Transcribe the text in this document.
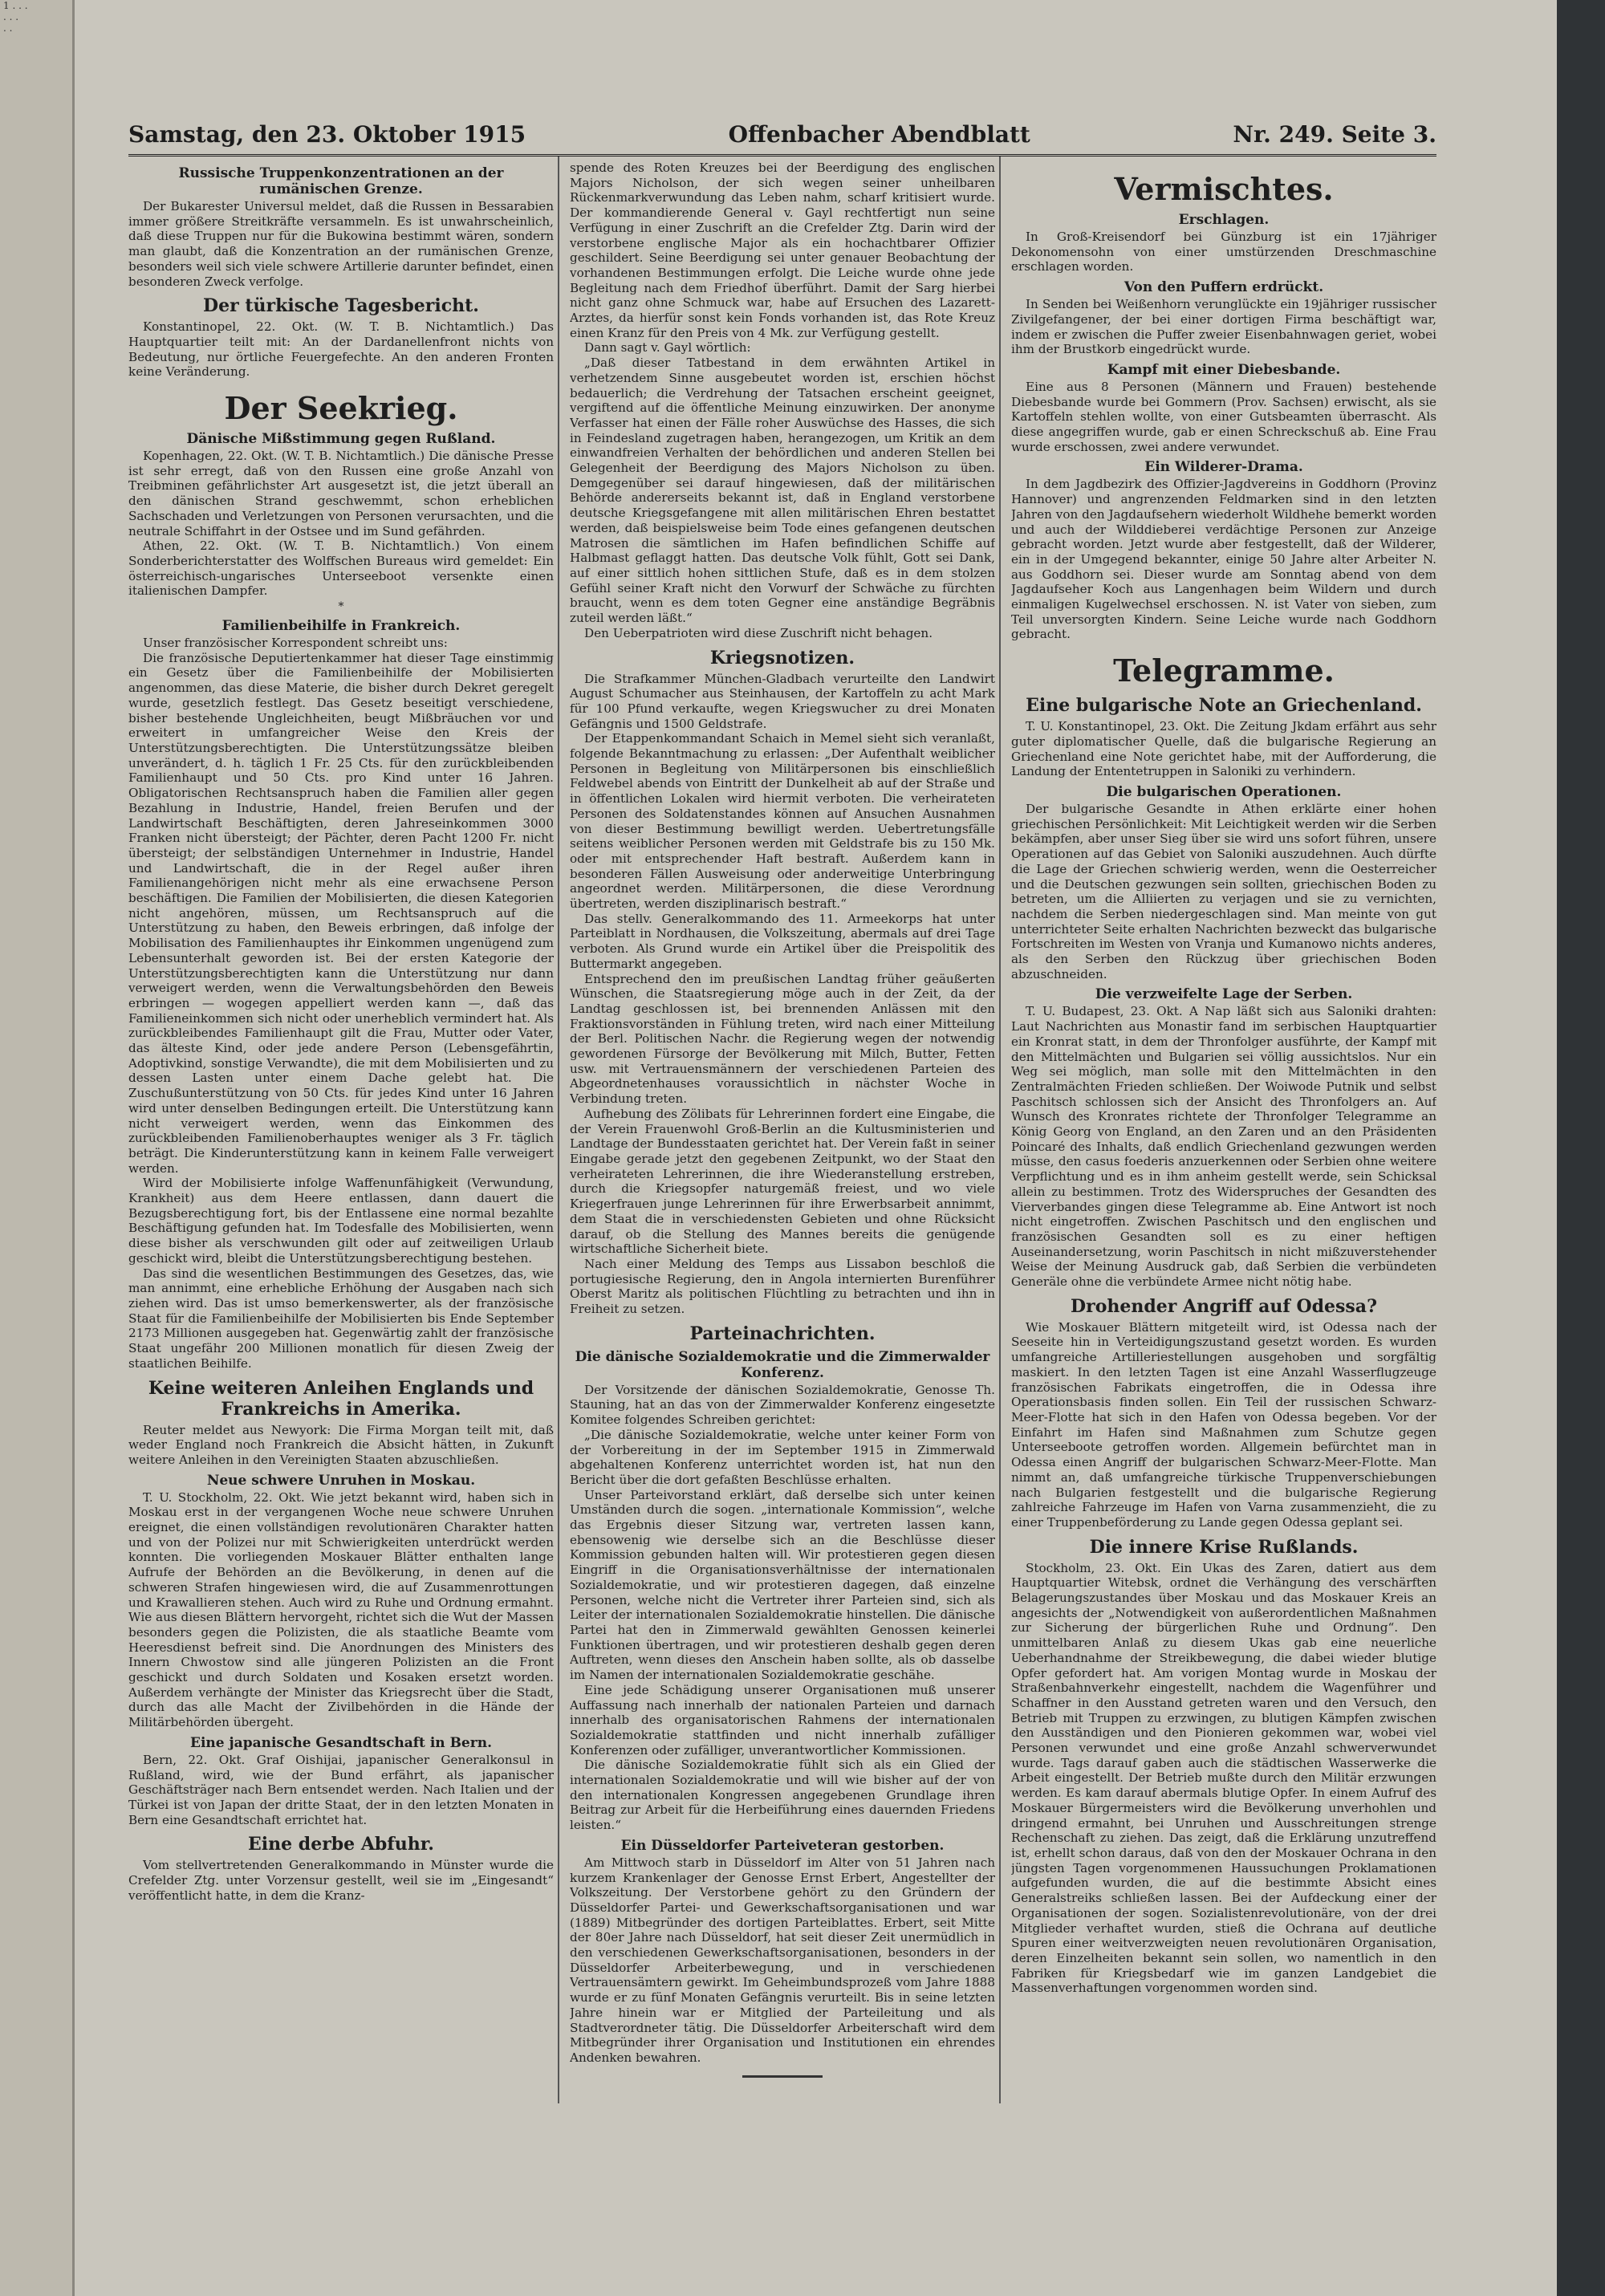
1 . . .
. . .
. .
Samstag, den 23. Oktober 1915	Offenbacher Abendblatt	Nr. 249. Seite 3.
Russische Truppenkonzentrationen an der rumänischen Grenze.

Der Bukarester Universul meldet, daß die Russen in Bessarabien immer größere Streitkräfte versammeln. Es ist unwahrscheinlich, daß diese Truppen nur für die Bukowina bestimmt wären, sondern man glaubt, daß die Konzentration an der rumänischen Grenze, besonders weil sich viele schwere Artillerie darunter befindet, einen besonderen Zweck verfolge.

Der türkische Tagesbericht.

Konstantinopel, 22. Okt. (W. T. B. Nichtamtlich.) Das Hauptquartier teilt mit: An der Dardanellenfront nichts von Bedeutung, nur örtliche Feuergefechte. An den anderen Fronten keine Veränderung.

Der Seekrieg.
Dänische Mißstimmung gegen Rußland.

Kopenhagen, 22. Okt. (W. T. B. Nichtamtlich.) Die dänische Presse ist sehr erregt, daß von den Russen eine große Anzahl von Treibminen gefährlichster Art ausgesetzt ist, die jetzt überall an den dänischen Strand geschwemmt, schon erheblichen Sachschaden und Verletzungen von Personen verursachten, und die neutrale Schiffahrt in der Ostsee und im Sund gefährden.

Athen, 22. Okt. (W. T. B. Nichtamtlich.) Von einem Sonderberichterstatter des Wolffschen Bureaus wird gemeldet: Ein österreichisch-ungarisches Unterseeboot versenkte einen italienischen Dampfer.

*
Familienbeihilfe in Frankreich.

Unser französischer Korrespondent schreibt uns:

Die französische Deputiertenkammer hat dieser Tage einstimmig ein Gesetz über die Familienbeihilfe der Mobilisierten angenommen, das diese Materie, die bisher durch Dekret geregelt wurde, gesetzlich festlegt. Das Gesetz beseitigt verschiedene, bisher bestehende Ungleichheiten, beugt Mißbräuchen vor und erweitert in umfangreicher Weise den Kreis der Unterstützungsberechtigten. Die Unterstützungssätze bleiben unverändert, d. h. täglich 1 Fr. 25 Cts. für den zurückbleibenden Familienhaupt und 50 Cts. pro Kind unter 16 Jahren. Obligatorischen Rechtsanspruch haben die Familien aller gegen Bezahlung in Industrie, Handel, freien Berufen und der Landwirtschaft Beschäftigten, deren Jahreseinkommen 3000 Franken nicht übersteigt; der Pächter, deren Pacht 1200 Fr. nicht übersteigt; der selbständigen Unternehmer in Industrie, Handel und Landwirtschaft, die in der Regel außer ihren Familienangehörigen nicht mehr als eine erwachsene Person beschäftigen. Die Familien der Mobilisierten, die diesen Kategorien nicht angehören, müssen, um Rechtsanspruch auf die Unterstützung zu haben, den Beweis erbringen, daß infolge der Mobilisation des Familienhauptes ihr Einkommen ungenügend zum Lebensunterhalt geworden ist. Bei der ersten Kategorie der Unterstützungsberechtigten kann die Unterstützung nur dann verweigert werden, wenn die Verwaltungsbehörden den Beweis erbringen — wogegen appelliert werden kann —, daß das Familieneinkommen sich nicht oder unerheblich vermindert hat. Als zurückbleibendes Familienhaupt gilt die Frau, Mutter oder Vater, das älteste Kind, oder jede andere Person (Lebensgefährtin, Adoptivkind, sonstige Verwandte), die mit dem Mobilisierten und zu dessen Lasten unter einem Dache gelebt hat. Die Zuschußunterstützung von 50 Cts. für jedes Kind unter 16 Jahren wird unter denselben Bedingungen erteilt. Die Unterstützung kann nicht verweigert werden, wenn das Einkommen des zurückbleibenden Familienoberhauptes weniger als 3 Fr. täglich beträgt. Die Kinderunterstützung kann in keinem Falle verweigert werden.

Wird der Mobilisierte infolge Waffenunfähigkeit (Verwundung, Krankheit) aus dem Heere entlassen, dann dauert die Bezugsberechtigung fort, bis der Entlassene eine normal bezahlte Beschäftigung gefunden hat. Im Todesfalle des Mobilisierten, wenn diese bisher als verschwunden gilt oder auf zeitweiligen Urlaub geschickt wird, bleibt die Unterstützungsberechtigung bestehen.

Das sind die wesentlichen Bestimmungen des Gesetzes, das, wie man annimmt, eine erhebliche Erhöhung der Ausgaben nach sich ziehen wird. Das ist umso bemerkenswerter, als der französische Staat für die Familienbeihilfe der Mobilisierten bis Ende September 2173 Millionen ausgegeben hat. Gegenwärtig zahlt der französische Staat ungefähr 200 Millionen monatlich für diesen Zweig der staatlichen Beihilfe.

Keine weiteren Anleihen Englands und Frankreichs in Amerika.

Reuter meldet aus Newyork: Die Firma Morgan teilt mit, daß weder England noch Frankreich die Absicht hätten, in Zukunft weitere Anleihen in den Vereinigten Staaten abzuschließen.

Neue schwere Unruhen in Moskau.

T. U. Stockholm, 22. Okt. Wie jetzt bekannt wird, haben sich in Moskau erst in der vergangenen Woche neue schwere Unruhen ereignet, die einen vollständigen revolutionären Charakter hatten und von der Polizei nur mit Schwierigkeiten unterdrückt werden konnten. Die vorliegenden Moskauer Blätter enthalten lange Aufrufe der Behörden an die Bevölkerung, in denen auf die schweren Strafen hingewiesen wird, die auf Zusammenrottungen und Krawallieren stehen. Auch wird zu Ruhe und Ordnung ermahnt. Wie aus diesen Blättern hervorgeht, richtet sich die Wut der Massen besonders gegen die Polizisten, die als staatliche Beamte vom Heeresdienst befreit sind. Die Anordnungen des Ministers des Innern Chwostow sind alle jüngeren Polizisten an die Front geschickt und durch Soldaten und Kosaken ersetzt worden. Außerdem verhängte der Minister das Kriegsrecht über die Stadt, durch das alle Macht der Zivilbehörden in die Hände der Militärbehörden übergeht.

Eine japanische Gesandtschaft in Bern.

Bern, 22. Okt. Graf Oishijai, japanischer Generalkonsul in Rußland, wird, wie der Bund erfährt, als japanischer Geschäftsträger nach Bern entsendet werden. Nach Italien und der Türkei ist von Japan der dritte Staat, der in den letzten Monaten in Bern eine Gesandtschaft errichtet hat.

Eine derbe Abfuhr.

Vom stellvertretenden Generalkommando in Münster wurde die Crefelder Ztg. unter Vorzensur gestellt, weil sie im „Eingesandt“ veröffentlicht hatte, in dem die Kranz-

spende des Roten Kreuzes bei der Beerdigung des englischen Majors Nicholson, der sich wegen seiner unheilbaren Rückenmarkverwundung das Leben nahm, scharf kritisiert wurde. Der kommandierende General v. Gayl rechtfertigt nun seine Verfügung in einer Zuschrift an die Crefelder Ztg. Darin wird der verstorbene englische Major als ein hochachtbarer Offizier geschildert. Seine Beerdigung sei unter genauer Beobachtung der vorhandenen Bestimmungen erfolgt. Die Leiche wurde ohne jede Begleitung nach dem Friedhof überführt. Damit der Sarg hierbei nicht ganz ohne Schmuck war, habe auf Ersuchen des Lazarett-Arztes, da hierfür sonst kein Fonds vorhanden ist, das Rote Kreuz einen Kranz für den Preis von 4 Mk. zur Verfügung gestellt.

Dann sagt v. Gayl wörtlich:

„Daß dieser Tatbestand in dem erwähnten Artikel in verhetzendem Sinne ausgebeutet worden ist, erschien höchst bedauerlich; die Verdrehung der Tatsachen erscheint geeignet, vergiftend auf die öffentliche Meinung einzuwirken. Der anonyme Verfasser hat einen der Fälle roher Auswüchse des Hasses, die sich in Feindesland zugetragen haben, herangezogen, um Kritik an dem einwandfreien Verhalten der behördlichen und anderen Stellen bei Gelegenheit der Beerdigung des Majors Nicholson zu üben. Demgegenüber sei darauf hingewiesen, daß der militärischen Behörde andererseits bekannt ist, daß in England verstorbene deutsche Kriegsgefangene mit allen militärischen Ehren bestattet werden, daß beispielsweise beim Tode eines gefangenen deutschen Matrosen die sämtlichen im Hafen befindlichen Schiffe auf Halbmast geflaggt hatten. Das deutsche Volk fühlt, Gott sei Dank, auf einer sittlich hohen sittlichen Stufe, daß es in dem stolzen Gefühl seiner Kraft nicht den Vorwurf der Schwäche zu fürchten braucht, wenn es dem toten Gegner eine anständige Begräbnis zuteil werden läßt.“

Den Ueberpatrioten wird diese Zuschrift nicht behagen.

Kriegsnotizen.

Die Strafkammer München-Gladbach verurteilte den Landwirt August Schumacher aus Steinhausen, der Kartoffeln zu acht Mark für 100 Pfund verkaufte, wegen Kriegswucher zu drei Monaten Gefängnis und 1500 Geldstrafe.

Der Etappenkommandant Schaich in Memel sieht sich veranlaßt, folgende Bekanntmachung zu erlassen: „Der Aufenthalt weiblicher Personen in Begleitung von Militärpersonen bis einschließlich Feldwebel abends von Eintritt der Dunkelheit ab auf der Straße und in öffentlichen Lokalen wird hiermit verboten. Die verheirateten Personen des Soldatenstandes können auf Ansuchen Ausnahmen von dieser Bestimmung bewilligt werden. Uebertretungsfälle seitens weiblicher Personen werden mit Geldstrafe bis zu 150 Mk. oder mit entsprechender Haft bestraft. Außerdem kann in besonderen Fällen Ausweisung oder anderweitige Unterbringung angeordnet werden. Militärpersonen, die diese Verordnung übertreten, werden disziplinarisch bestraft.“

Das stellv. Generalkommando des 11. Armeekorps hat unter Parteiblatt in Nordhausen, die Volkszeitung, abermals auf drei Tage verboten. Als Grund wurde ein Artikel über die Preispolitik des Buttermarkt angegeben.

Entsprechend den im preußischen Landtag früher geäußerten Wünschen, die Staatsregierung möge auch in der Zeit, da der Landtag geschlossen ist, bei brennenden Anlässen mit den Fraktionsvorständen in Fühlung treten, wird nach einer Mitteilung der Berl. Politischen Nachr. die Regierung wegen der notwendig gewordenen Fürsorge der Bevölkerung mit Milch, Butter, Fetten usw. mit Vertrauensmännern der verschiedenen Parteien des Abgeordnetenhauses voraussichtlich in nächster Woche in Verbindung treten.

Aufhebung des Zölibats für Lehrerinnen fordert eine Eingabe, die der Verein Frauenwohl Groß-Berlin an die Kultusministerien und Landtage der Bundesstaaten gerichtet hat. Der Verein faßt in seiner Eingabe gerade jetzt den gegebenen Zeitpunkt, wo der Staat den verheirateten Lehrerinnen, die ihre Wiederanstellung erstreben, durch die Kriegsopfer naturgemäß freiest, und wo viele Kriegerfrauen junge Lehrerinnen für ihre Erwerbsarbeit annimmt, dem Staat die in verschiedensten Gebieten und ohne Rücksicht darauf, ob die Stellung des Mannes bereits die genügende wirtschaftliche Sicherheit biete.

Nach einer Meldung des Temps aus Lissabon beschloß die portugiesische Regierung, den in Angola internierten Burenführer Oberst Maritz als politischen Flüchtling zu betrachten und ihn in Freiheit zu setzen.

Parteinachrichten.
Die dänische Sozialdemokratie und die Zimmerwalder Konferenz.

Der Vorsitzende der dänischen Sozialdemokratie, Genosse Th. Stauning, hat an das von der Zimmerwalder Konferenz eingesetzte Komitee folgendes Schreiben gerichtet:

„Die dänische Sozialdemokratie, welche unter keiner Form von der Vorbereitung in der im September 1915 in Zimmerwald abgehaltenen Konferenz unterrichtet worden ist, hat nun den Bericht über die dort gefaßten Beschlüsse erhalten.

Unser Parteivorstand erklärt, daß derselbe sich unter keinen Umständen durch die sogen. „internationale Kommission“, welche das Ergebnis dieser Sitzung war, vertreten lassen kann, ebensowenig wie derselbe sich an die Beschlüsse dieser Kommission gebunden halten will. Wir protestieren gegen diesen Eingriff in die Organisationsverhältnisse der internationalen Sozialdemokratie, und wir protestieren dagegen, daß einzelne Personen, welche nicht die Vertreter ihrer Parteien sind, sich als Leiter der internationalen Sozialdemokratie hinstellen. Die dänische Partei hat den in Zimmerwald gewählten Genossen keinerlei Funktionen übertragen, und wir protestieren deshalb gegen deren Auftreten, wenn dieses den Anschein haben sollte, als ob dasselbe im Namen der internationalen Sozialdemokratie geschähe.

Eine jede Schädigung unserer Organisationen muß unserer Auffassung nach innerhalb der nationalen Parteien und darnach innerhalb des organisatorischen Rahmens der internationalen Sozialdemokratie stattfinden und nicht innerhalb zufälliger Konferenzen oder zufälliger, unverantwortlicher Kommissionen.

Die dänische Sozialdemokratie fühlt sich als ein Glied der internationalen Sozialdemokratie und will wie bisher auf der von den internationalen Kongressen angegebenen Grundlage ihren Beitrag zur Arbeit für die Herbeiführung eines dauernden Friedens leisten.“

Ein Düsseldorfer Parteiveteran gestorben.

Am Mittwoch starb in Düsseldorf im Alter von 51 Jahren nach kurzem Krankenlager der Genosse Ernst Erbert, Angestellter der Volkszeitung. Der Verstorbene gehört zu den Gründern der Düsseldorfer Partei- und Gewerkschaftsorganisationen und war (1889) Mitbegründer des dortigen Parteiblattes. Erbert, seit Mitte der 80er Jahre nach Düsseldorf, hat seit dieser Zeit unermüdlich in den verschiedenen Gewerkschaftsorganisationen, besonders in der Düsseldorfer Arbeiterbewegung, und in verschiedenen Vertrauensämtern gewirkt. Im Geheimbundsprozeß vom Jahre 1888 wurde er zu fünf Monaten Gefängnis verurteilt. Bis in seine letzten Jahre hinein war er Mitglied der Parteileitung und als Stadtverordneter tätig. Die Düsseldorfer Arbeiterschaft wird dem Mitbegründer ihrer Organisation und Institutionen ein ehrendes Andenken bewahren.

Vermischtes.
Erschlagen.

In Groß-Kreisendorf bei Günzburg ist ein 17jähriger Dekonomensohn von einer umstürzenden Dreschmaschine erschlagen worden.

Von den Puffern erdrückt.

In Senden bei Weißenhorn verunglückte ein 19jähriger russischer Zivilgefangener, der bei einer dortigen Firma beschäftigt war, indem er zwischen die Puffer zweier Eisenbahnwagen geriet, wobei ihm der Brustkorb eingedrückt wurde.

Kampf mit einer Diebesbande.

Eine aus 8 Personen (Männern und Frauen) bestehende Diebesbande wurde bei Gommern (Prov. Sachsen) erwischt, als sie Kartoffeln stehlen wollte, von einer Gutsbeamten überrascht. Als diese angegriffen wurde, gab er einen Schreckschuß ab. Eine Frau wurde erschossen, zwei andere verwundet.

Ein Wilderer-Drama.

In dem Jagdbezirk des Offizier-Jagdvereins in Goddhorn (Provinz Hannover) und angrenzenden Feldmarken sind in den letzten Jahren von den Jagdaufsehern wiederholt Wildhehe bemerkt worden und auch der Wilddieberei verdächtige Personen zur Anzeige gebracht worden. Jetzt wurde aber festgestellt, daß der Wilderer, ein in der Umgegend bekannter, einige 50 Jahre alter Arbeiter N. aus Goddhorn sei. Dieser wurde am Sonntag abend von dem Jagdaufseher Koch aus Langenhagen beim Wildern und durch einmaligen Kugelwechsel erschossen. N. ist Vater von sieben, zum Teil unversorgten Kindern. Seine Leiche wurde nach Goddhorn gebracht.

Telegramme.
Eine bulgarische Note an Griechenland.

T. U. Konstantinopel, 23. Okt. Die Zeitung Jkdam erfährt aus sehr guter diplomatischer Quelle, daß die bulgarische Regierung an Griechenland eine Note gerichtet habe, mit der Aufforderung, die Landung der Ententetruppen in Saloniki zu verhindern.

Die bulgarischen Operationen.

Der bulgarische Gesandte in Athen erklärte einer hohen griechischen Persönlichkeit: Mit Leichtigkeit werden wir die Serben bekämpfen, aber unser Sieg über sie wird uns sofort führen, unsere Operationen auf das Gebiet von Saloniki auszudehnen. Auch dürfte die Lage der Griechen schwierig werden, wenn die Oesterreicher und die Deutschen gezwungen sein sollten, griechischen Boden zu betreten, um die Alliierten zu verjagen und sie zu vernichten, nachdem die Serben niedergeschlagen sind. Man meinte von gut unterrichteter Seite erhalten Nachrichten bezweckt das bulgarische Fortschreiten im Westen von Vranja und Kumanowo nichts anderes, als den Serben den Rückzug über griechischen Boden abzuschneiden.

Die verzweifelte Lage der Serben.

T. U. Budapest, 23. Okt. A Nap läßt sich aus Saloniki drahten: Laut Nachrichten aus Monastir fand im serbischen Hauptquartier ein Kronrat statt, in dem der Thronfolger ausführte, der Kampf mit den Mittelmächten und Bulgarien sei völlig aussichtslos. Nur ein Weg sei möglich, man solle mit den Mittelmächten in den Zentralmächten Frieden schließen. Der Woiwode Putnik und selbst Paschitsch schlossen sich der Ansicht des Thronfolgers an. Auf Wunsch des Kronrates richtete der Thronfolger Telegramme an König Georg von England, an den Zaren und an den Präsidenten Poincaré des Inhalts, daß endlich Griechenland gezwungen werden müsse, den casus foederis anzuerkennen oder Serbien ohne weitere Verpflichtung und es in ihm anheim gestellt werde, sein Schicksal allein zu bestimmen. Trotz des Widerspruches der Gesandten des Vierverbandes gingen diese Telegramme ab. Eine Antwort ist noch nicht eingetroffen. Zwischen Paschitsch und den englischen und französischen Gesandten soll es zu einer heftigen Auseinandersetzung, worin Paschitsch in nicht mißzuverstehender Weise der Meinung Ausdruck gab, daß Serbien die verbündeten Generäle ohne die verbündete Armee nicht nötig habe.

Drohender Angriff auf Odessa?

Wie Moskauer Blättern mitgeteilt wird, ist Odessa nach der Seeseite hin in Verteidigungszustand gesetzt worden. Es wurden umfangreiche Artilleriestellungen ausgehoben und sorgfältig maskiert. In den letzten Tagen ist eine Anzahl Wasserflugzeuge französischen Fabrikats eingetroffen, die in Odessa ihre Operationsbasis finden sollen. Ein Teil der russischen Schwarz-Meer-Flotte hat sich in den Hafen von Odessa begeben. Vor der Einfahrt im Hafen sind Maßnahmen zum Schutze gegen Unterseeboote getroffen worden. Allgemein befürchtet man in Odessa einen Angriff der bulgarischen Schwarz-Meer-Flotte. Man nimmt an, daß umfangreiche türkische Truppenverschiebungen nach Bulgarien festgestellt und die bulgarische Regierung zahlreiche Fahrzeuge im Hafen von Varna zusammenzieht, die zu einer Truppenbeförderung zu Lande gegen Odessa geplant sei.

Die innere Krise Rußlands.

Stockholm, 23. Okt. Ein Ukas des Zaren, datiert aus dem Hauptquartier Witebsk, ordnet die Verhängung des verschärften Belagerungszustandes über Moskau und das Moskauer Kreis an angesichts der „Notwendigkeit von außerordentlichen Maßnahmen zur Sicherung der bürgerlichen Ruhe und Ordnung“. Den unmittelbaren Anlaß zu diesem Ukas gab eine neuerliche Ueberhandnahme der Streikbewegung, die dabei wieder blutige Opfer gefordert hat. Am vorigen Montag wurde in Moskau der Straßenbahnverkehr eingestellt, nachdem die Wagenführer und Schaffner in den Ausstand getreten waren und den Versuch, den Betrieb mit Truppen zu erzwingen, zu blutigen Kämpfen zwischen den Ausständigen und den Pionieren gekommen war, wobei viel Personen verwundet und eine große Anzahl schwerverwundet wurde. Tags darauf gaben auch die städtischen Wasserwerke die Arbeit eingestellt. Der Betrieb mußte durch den Militär erzwungen werden. Es kam darauf abermals blutige Opfer. In einem Aufruf des Moskauer Bürgermeisters wird die Bevölkerung unverhohlen und dringend ermahnt, bei Unruhen und Ausschreitungen strenge Rechenschaft zu ziehen. Das zeigt, daß die Erklärung unzutreffend ist, erhellt schon daraus, daß von den der Moskauer Ochrana in den jüngsten Tagen vorgenommenen Haussuchungen Proklamationen aufgefunden wurden, die auf die bestimmte Absicht eines Generalstreiks schließen lassen. Bei der Aufdeckung einer der Organisationen der sogen. Sozialistenrevolutionäre, von der drei Mitglieder verhaftet wurden, stieß die Ochrana auf deutliche Spuren einer weitverzweigten neuen revolutionären Organisation, deren Einzelheiten bekannt sein sollen, wo namentlich in den Fabriken für Kriegsbedarf wie im ganzen Landgebiet die Massenverhaftungen vorgenommen worden sind.
